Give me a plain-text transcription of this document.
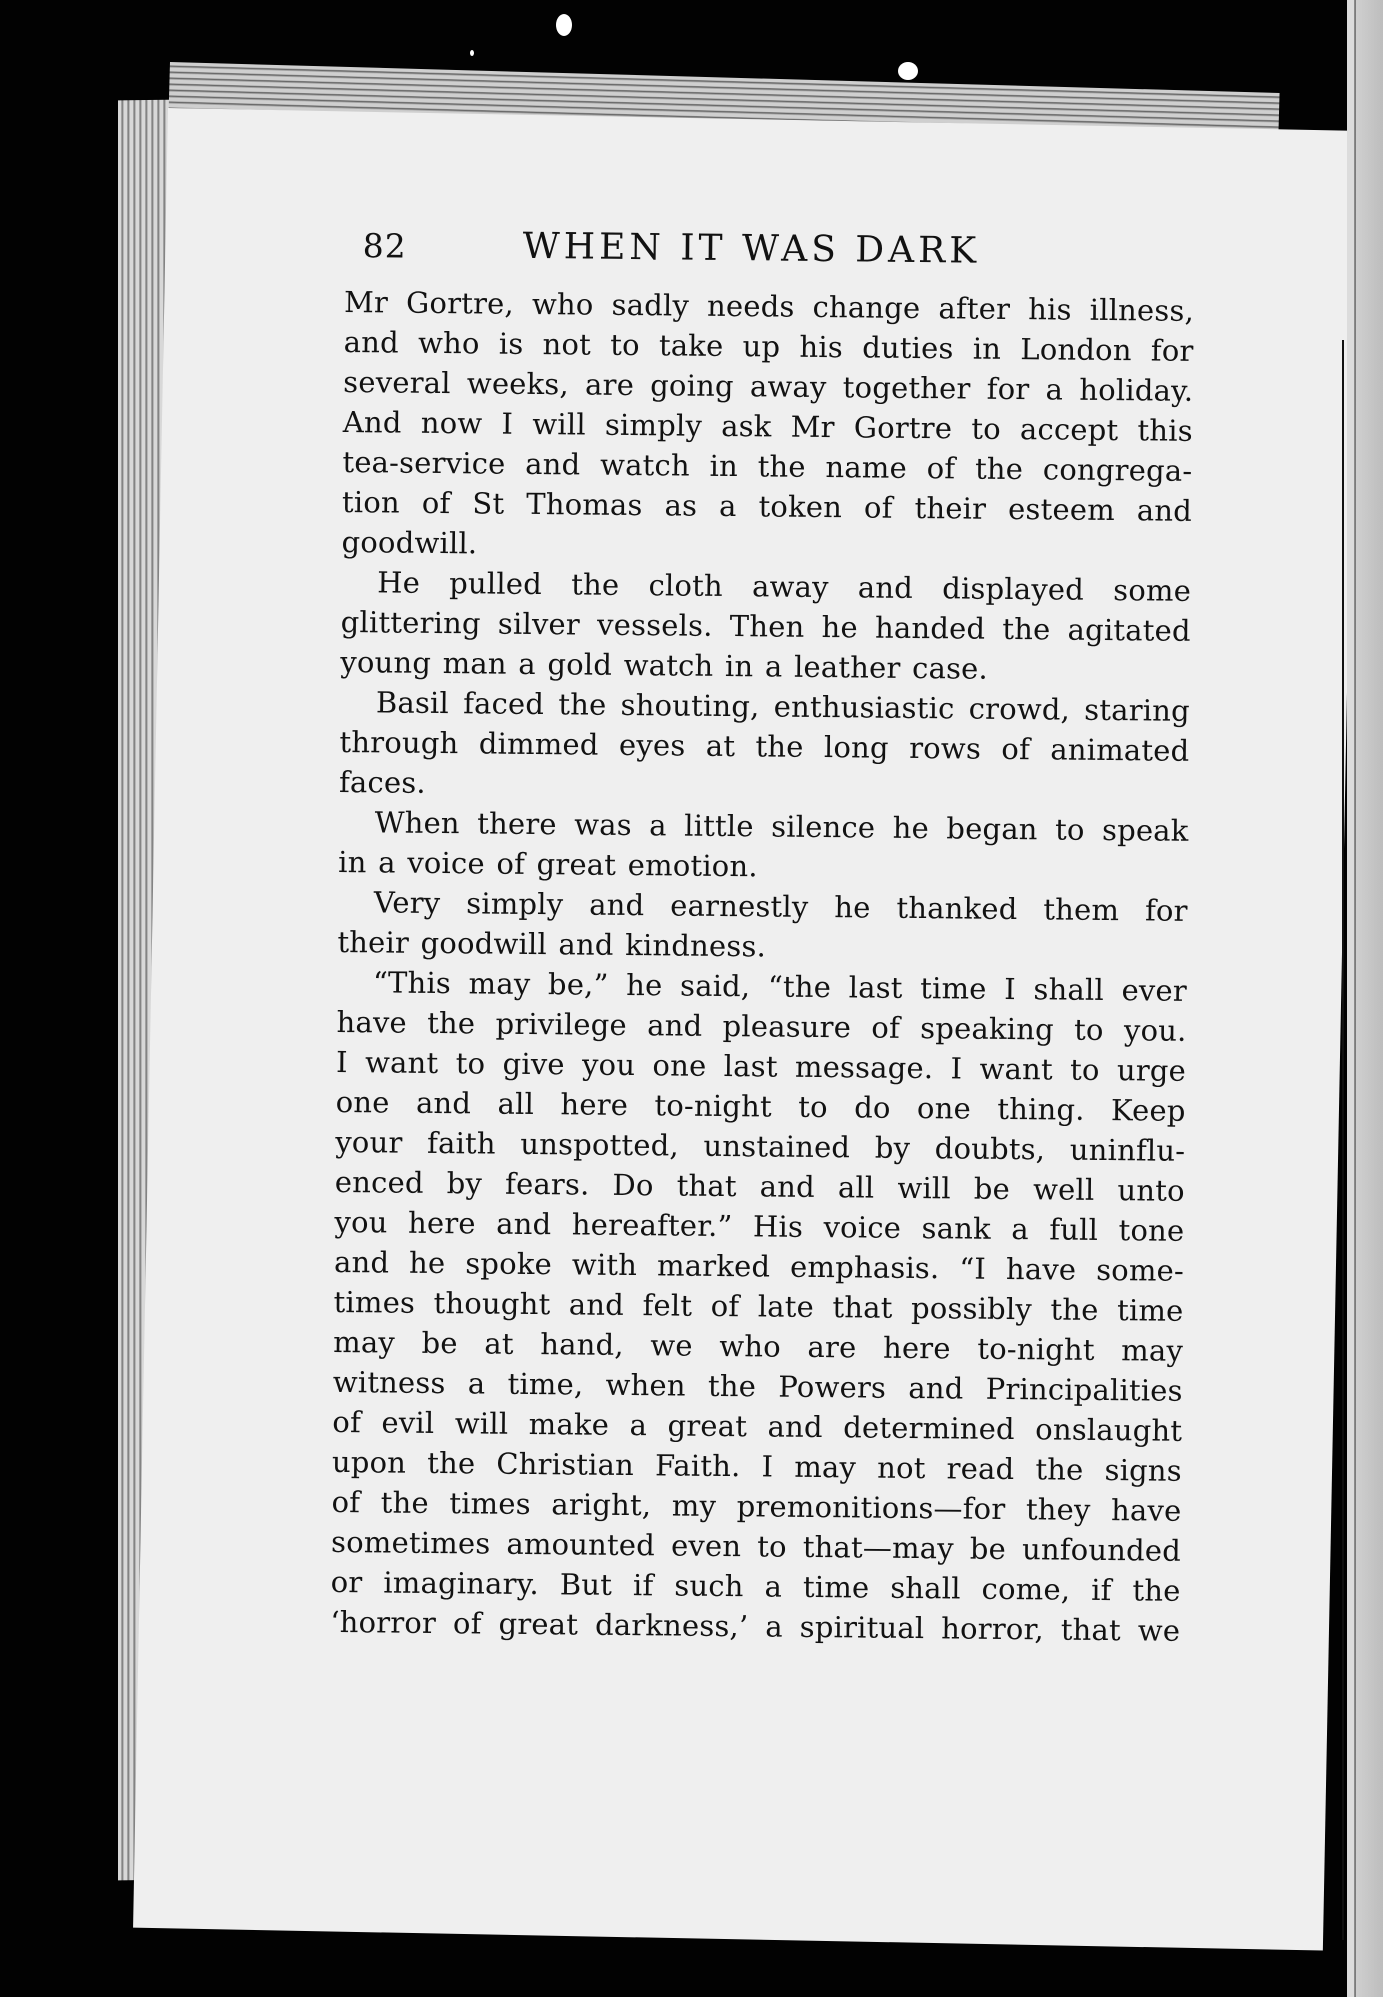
82	WHEN IT WAS DARK
Mr Gortre, who sadly needs change after his illness,
and who is not to take up his duties in London for
several weeks, are going away together for a holiday.
And now I will simply ask Mr Gortre to accept this
tea-service and watch in the name of the congrega-
tion of St Thomas as a token of their esteem and
goodwill.
He pulled the cloth away and displayed some
glittering silver vessels. Then he handed the agitated
young man a gold watch in a leather case.
Basil faced the shouting, enthusiastic crowd, staring
through dimmed eyes at the long rows of animated
faces.
When there was a little silence he began to speak
in a voice of great emotion.
Very simply and earnestly he thanked them for
their goodwill and kindness.
“This may be,” he said, “the last time I shall ever
have the privilege and pleasure of speaking to you.
I want to give you one last message. I want to urge
one and all here to-night to do one thing. Keep
your faith unspotted, unstained by doubts, uninflu-
enced by fears. Do that and all will be well unto
you here and hereafter.” His voice sank a full tone
and he spoke with marked emphasis. “I have some-
times thought and felt of late that possibly the time
may be at hand, we who are here to-night may
witness a time, when the Powers and Principalities
of evil will make a great and determined onslaught
upon the Christian Faith. I may not read the signs
of the times aright, my premonitions—for they have
sometimes amounted even to that—may be unfounded
or imaginary. But if such a time shall come, if the
‘horror of great darkness,’ a spiritual horror, that we
